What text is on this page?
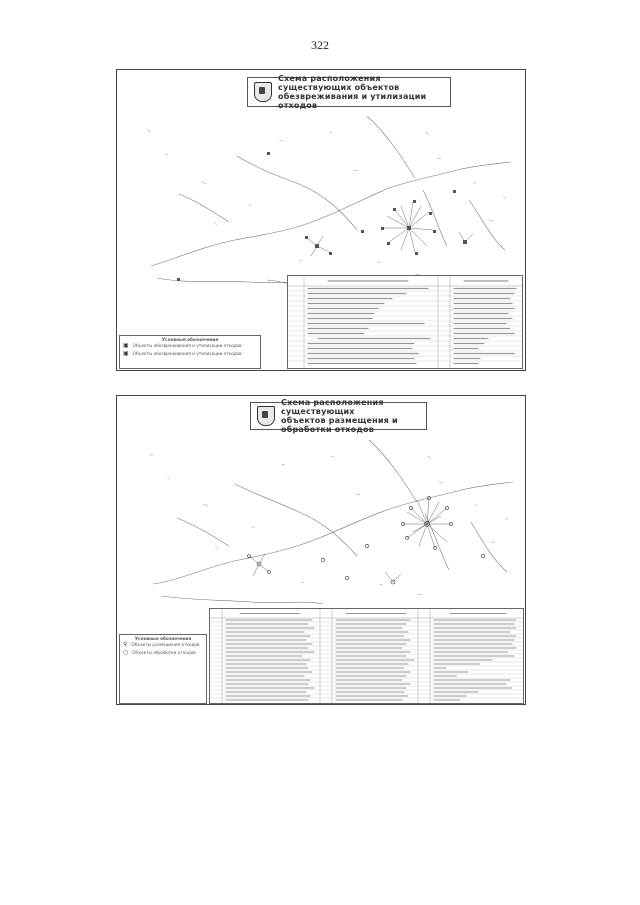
322
Схема расположения существующих объектов
обезвреживания и утилизации отходов
Условные обозначения
▣ Объекты обезвреживания и утилизации отходов
▣ Объекты обезвреживания и утилизации отходов
Схема расположения существующих
объектов размещения и обработки отходов
Условные обозначения
⚲ Объекты размещения отходов
○ Объекты обработки отходов
